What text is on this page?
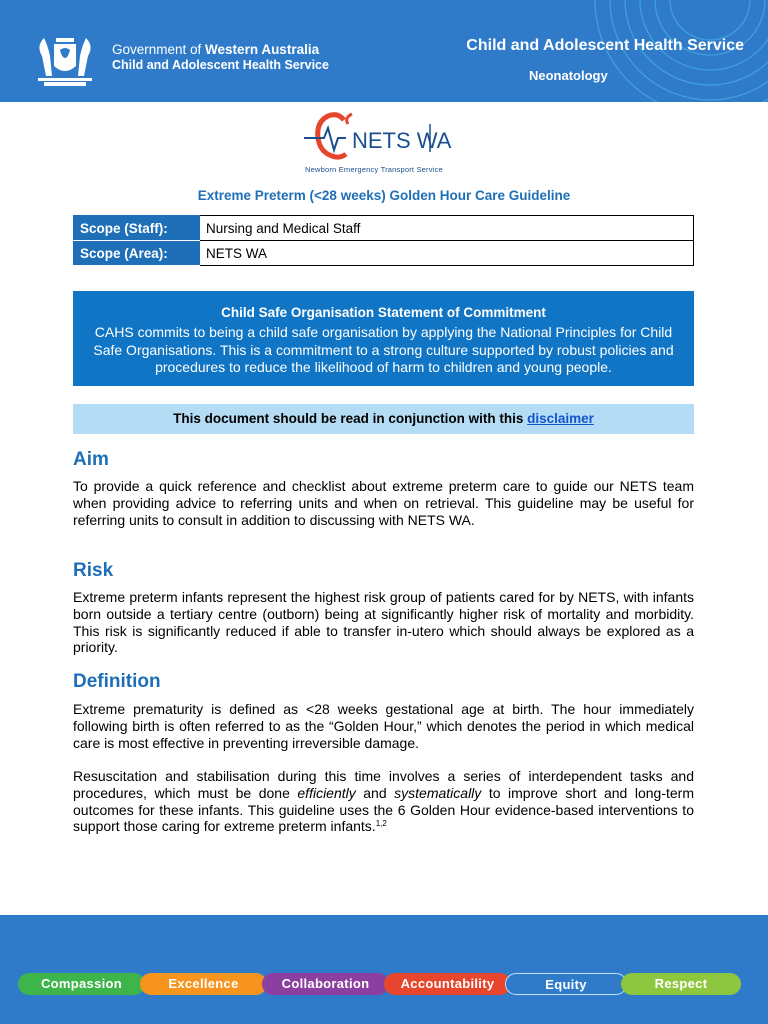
Government of Western Australia
Child and Adolescent Health Service
Child and Adolescent Health Service
Neonatology
NETS WA
Newborn Emergency Transport Service
Extreme Preterm (<28 weeks) Golden Hour Care Guideline
Scope (Staff):	Nursing and Medical Staff
Scope (Area):	NETS WA
Child Safe Organisation Statement of Commitment
CAHS commits to being a child safe organisation by applying the National Principles for Child Safe Organisations. This is a commitment to a strong culture supported by robust policies and procedures to reduce the likelihood of harm to children and young people.
This document should be read in conjunction with this disclaimer
Aim
To provide a quick reference and checklist about extreme preterm care to guide our NETS team when providing advice to referring units and when on retrieval. This guideline may be useful for referring units to consult in addition to discussing with NETS WA.
Risk
Extreme preterm infants represent the highest risk group of patients cared for by NETS, with infants born outside a tertiary centre (outborn) being at significantly higher risk of mortality and morbidity. This risk is significantly reduced if able to transfer in-utero which should always be explored as a priority.
Definition
Extreme prematurity is defined as <28 weeks gestational age at birth. The hour immediately following birth is often referred to as the “Golden Hour,” which denotes the period in which medical care is most effective in preventing irreversible damage.
Resuscitation and stabilisation during this time involves a series of interdependent tasks and procedures, which must be done efficiently and systematically to improve short and long-term outcomes for these infants. This guideline uses the 6 Golden Hour evidence-based interventions to support those caring for extreme preterm infants.$^{1,2}$
Compassion	Excellence	Collaboration	Accountability	Equity	Respect
